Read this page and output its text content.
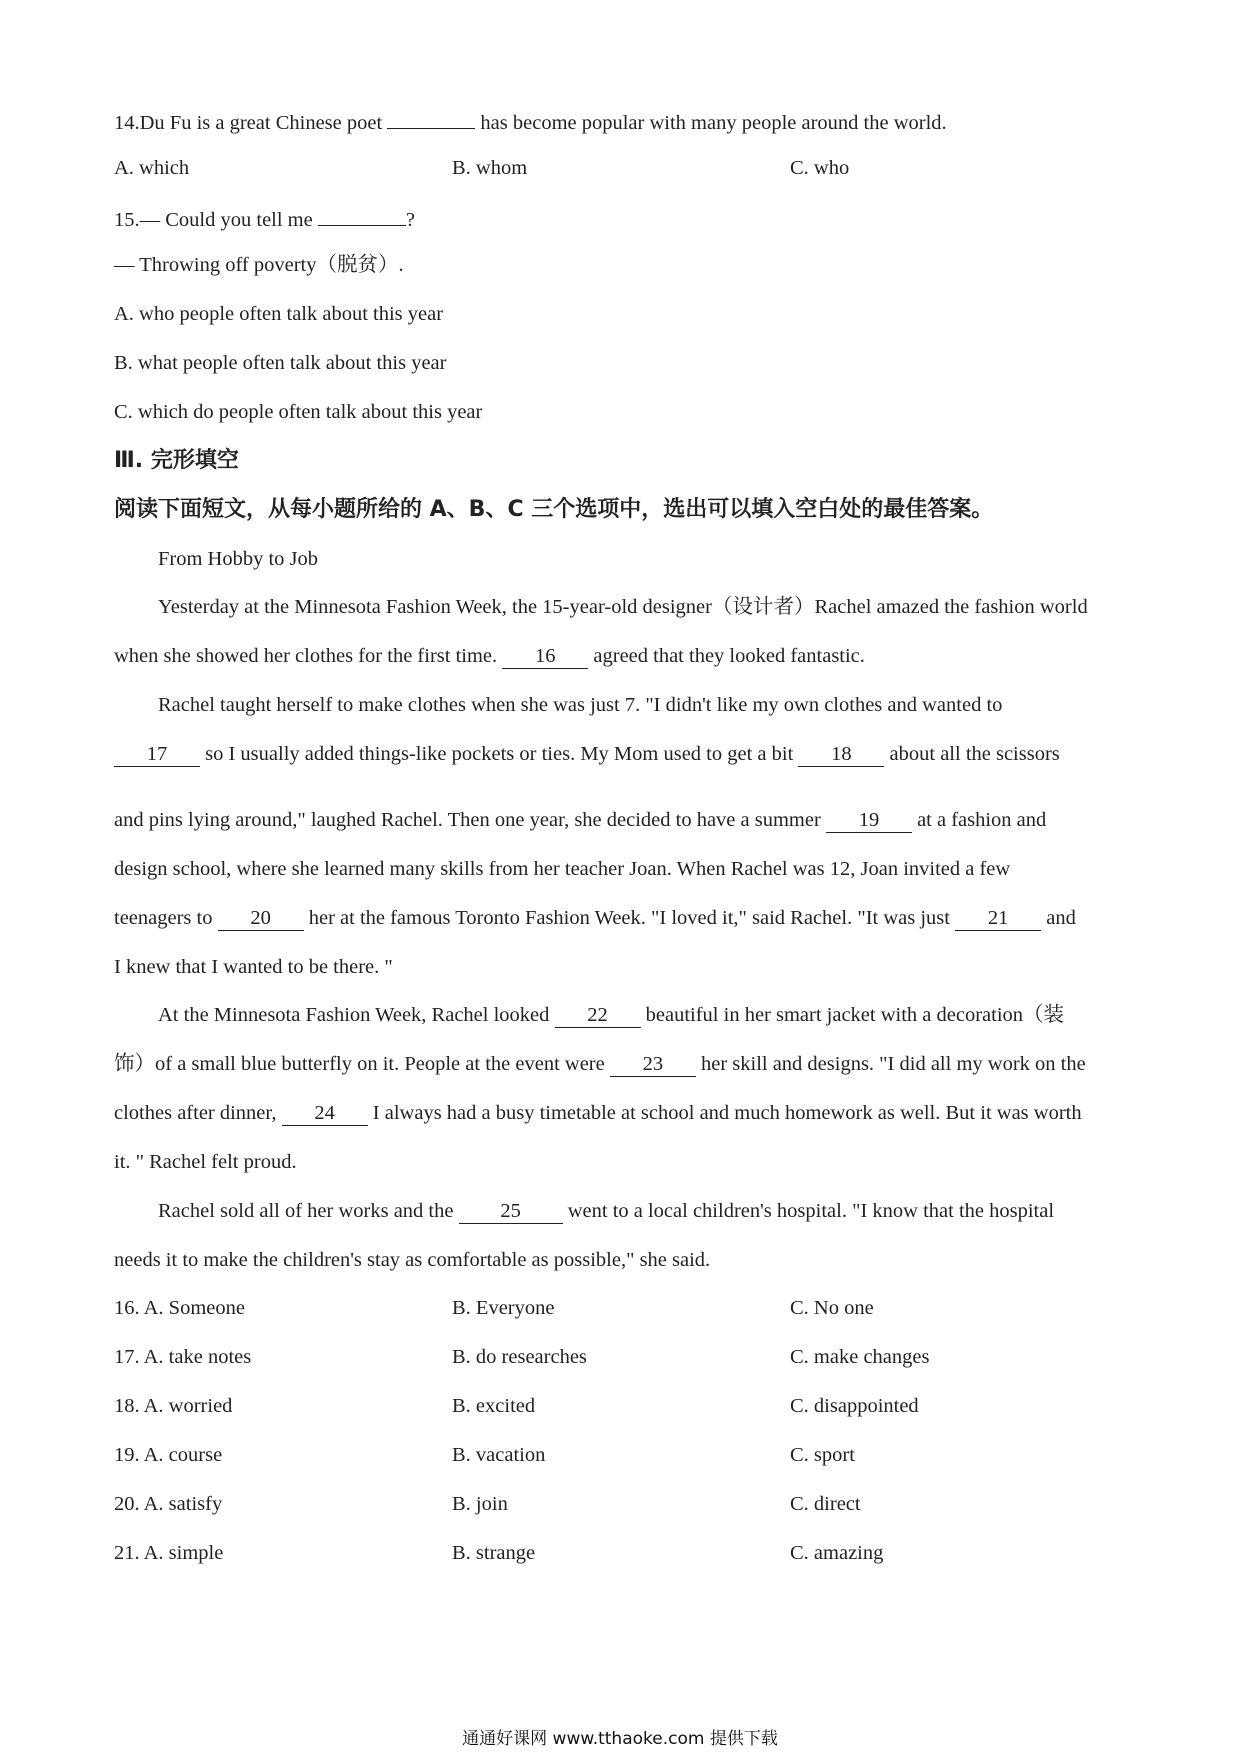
14.Du Fu is a great Chinese poet	has become popular with many people around the world.
A. which	B. whom	C. who
15.— Could you tell me	?
— Throwing off poverty（脱贫）.
A. who people often talk about this year
B. what people often talk about this year
C. which do people often talk about this year
Ⅲ. 完形填空
阅读下面短文，从每小题所给的 A、B、C 三个选项中，选出可以填入空白处的最佳答案。
From Hobby to Job
Yesterday at the Minnesota Fashion Week, the 15-year-old designer（设计者）Rachel amazed the fashion world
when she showed her clothes for the first time. 16 agreed that they looked fantastic.
Rachel taught herself to make clothes when she was just 7. "I didn't like my own clothes and wanted to
17 so I usually added things-like pockets or ties. My Mom used to get a bit 18 about all the scissors
and pins lying around," laughed Rachel. Then one year, she decided to have a summer 19 at a fashion and
design school, where she learned many skills from her teacher Joan. When Rachel was 12, Joan invited a few
teenagers to 20 her at the famous Toronto Fashion Week. "I loved it," said Rachel. "It was just 21 and
I knew that I wanted to be there. "
At the Minnesota Fashion Week, Rachel looked 22 beautiful in her smart jacket with a decoration（装
饰）of a small blue butterfly on it. People at the event were 23 her skill and designs. "I did all my work on the
clothes after dinner, 24 I always had a busy timetable at school and much homework as well. But it was worth
it. " Rachel felt proud.
Rachel sold all of her works and the 25 went to a local children's hospital. "I know that the hospital
needs it to make the children's stay as comfortable as possible," she said.
16. A. Someone	B. Everyone	C. No one
17. A. take notes	B. do researches	C. make changes
18. A. worried	B. excited	C. disappointed
19. A. course	B. vacation	C. sport
20. A. satisfy	B. join	C. direct
21. A. simple	B. strange	C. amazing
通通好课网 www.tthaoke.com 提供下载
